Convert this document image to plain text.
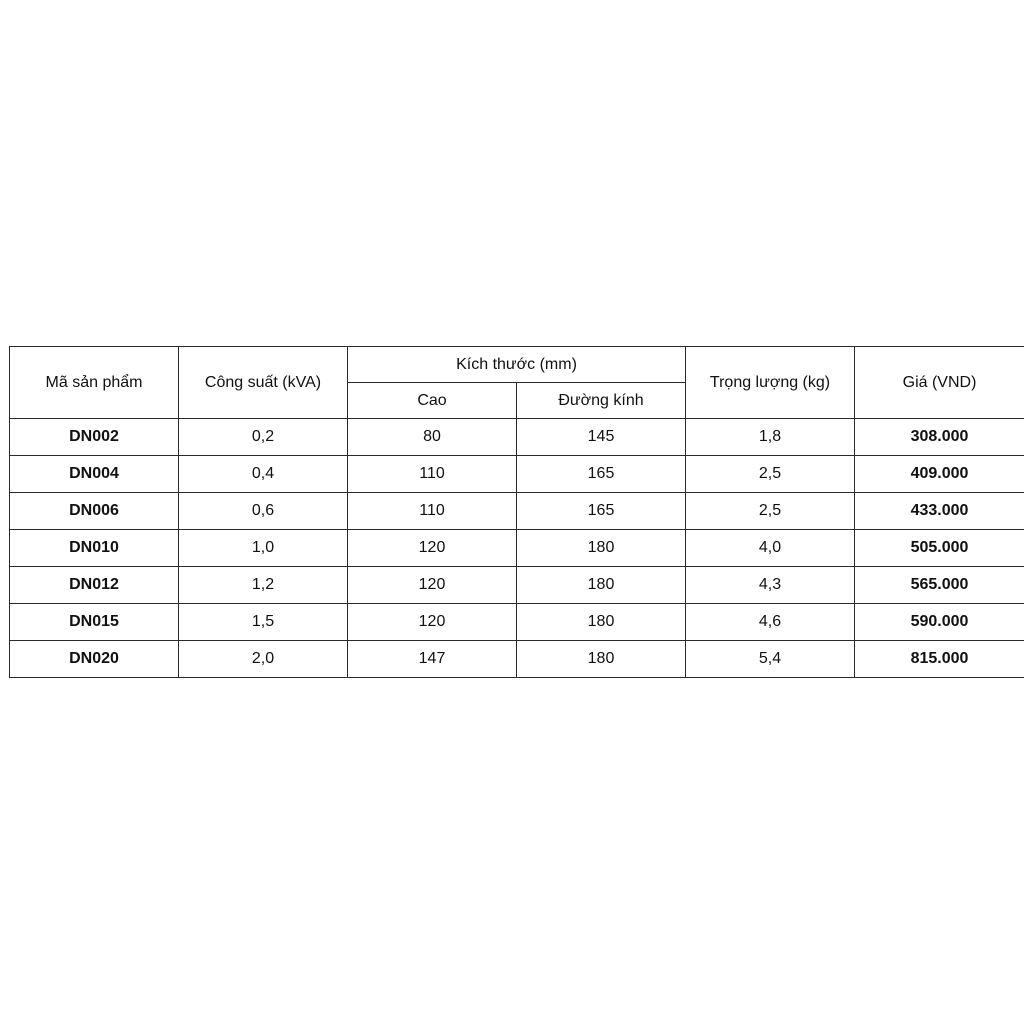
Mã sản phẩm	Công suất (kVA)	Kích thước (mm)		Trọng lượng (kg)	Giá (VND)
		Cao	Đường kính		
DN002	0,2	80	145	1,8	308.000
DN004	0,4	110	165	2,5	409.000
DN006	0,6	110	165	2,5	433.000
DN010	1,0	120	180	4,0	505.000
DN012	1,2	120	180	4,3	565.000
DN015	1,5	120	180	4,6	590.000
DN020	2,0	147	180	5,4	815.000
